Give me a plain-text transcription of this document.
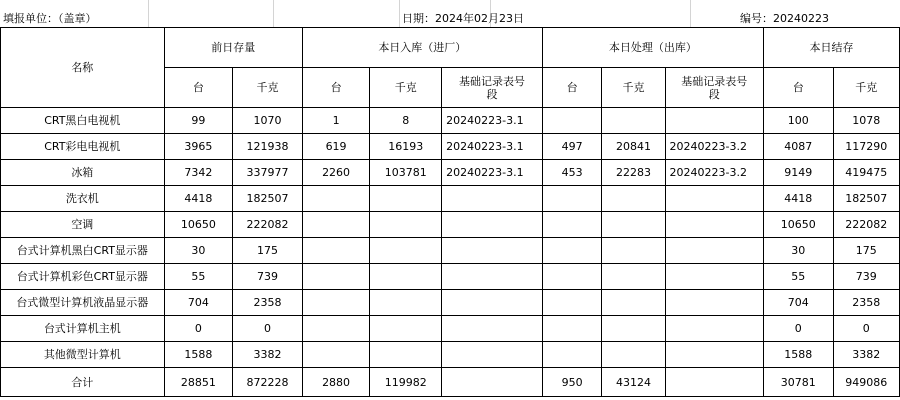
填报单位：（盖章）	日期：2024年02月23日	编号：20240223
名称	前日存量		本日入库（进厂）			本日处理（出库）			本日结存	
	台	千克	台	千克	基础记录表号段	台	千克	基础记录表号段	台	千克
CRT黑白电视机	99	1070	1	8	20240223-3.1				100	1078
CRT彩电电视机	3965	121938	619	16193	20240223-3.1	497	20841	20240223-3.2	4087	117290
冰箱	7342	337977	2260	103781	20240223-3.1	453	22283	20240223-3.2	9149	419475
洗衣机	4418	182507							4418	182507
空调	10650	222082							10650	222082
台式计算机黑白CRT显示器	30	175							30	175
台式计算机彩色CRT显示器	55	739							55	739
台式微型计算机液晶显示器	704	2358							704	2358
台式计算机主机	0	0							0	0
其他微型计算机	1588	3382							1588	3382
合计	28851	872228	2880	119982		950	43124		30781	949086
